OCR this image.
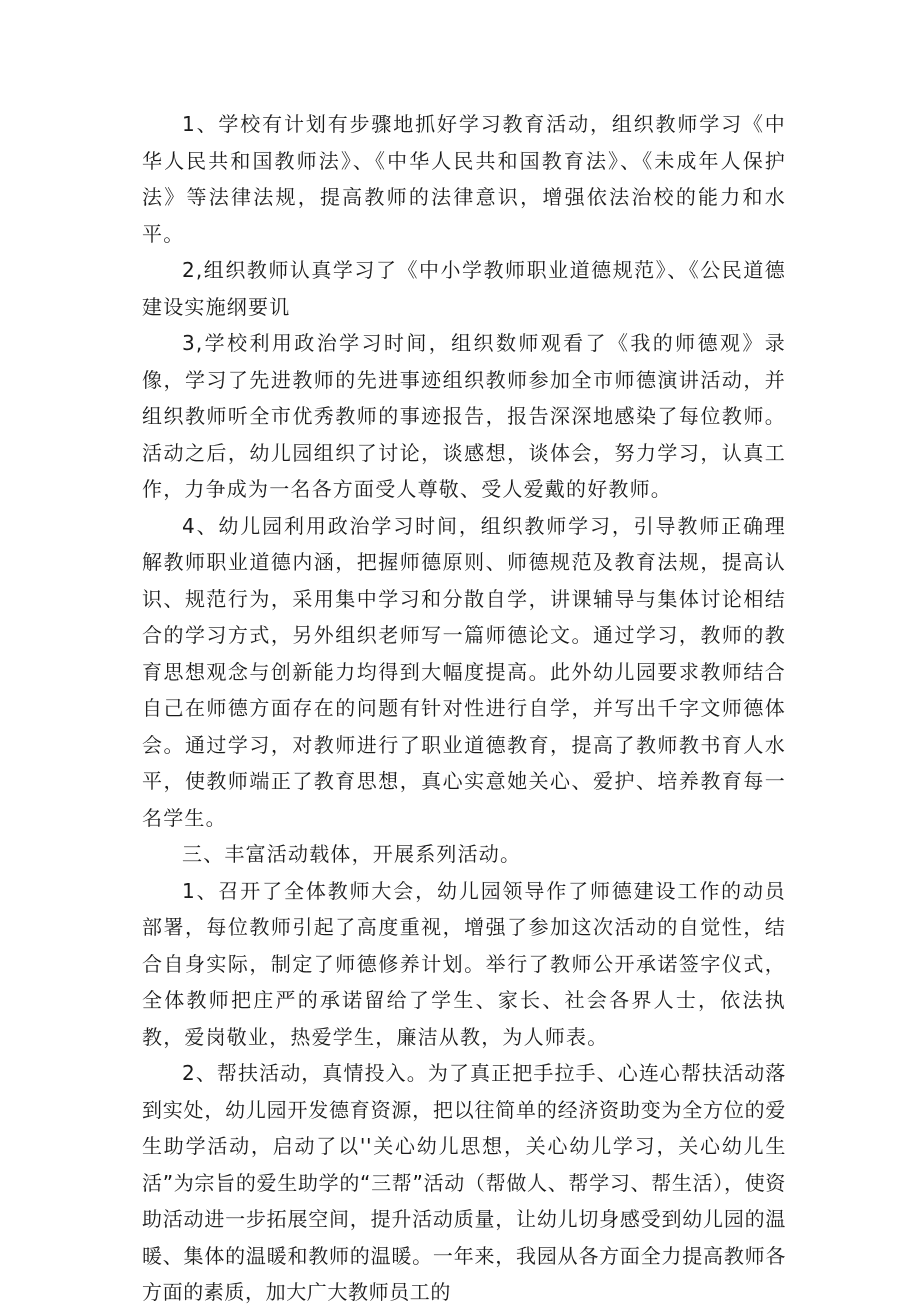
1、学校有计划有步骤地抓好学习教育活动，组织教师学习《中华人民共和国教师法》、《中华人民共和国教育法》、《未成年人保护法》等法律法规，提高教师的法律意识，增强依法治校的能力和水平。

2,组织教师认真学习了《中小学教师职业道德规范》、《公民道德建设实施纲要讥

3,学校利用政治学习时间，组织数师观看了《我的师德观》录像，学习了先进教师的先进事迹组织教师参加全市师德演讲活动，并组织教师听全市优秀教师的事迹报告，报告深深地感染了每位教师。活动之后，幼儿园组织了讨论，谈感想，谈体会，努力学习，认真工作，力争成为一名各方面受人尊敬、受人爱戴的好教师。

4、幼儿园利用政治学习时间，组织教师学习，引导教师正确理解教师职业道德内涵，把握师德原则、师德规范及教育法规，提高认识、规范行为，采用集中学习和分散自学，讲课辅导与集体讨论相结合的学习方式，另外组织老师写一篇师德论文。通过学习，教师的教育思想观念与创新能力均得到大幅度提高。此外幼儿园要求教师结合自己在师德方面存在的问题有针对性进行自学，并写出千字文师德体会。通过学习，对教师进行了职业道德教育，提高了教师教书育人水平，使教师端正了教育思想，真心实意她关心、爱护、培养教育每一名学生。

三、丰富活动载体，开展系列活动。

1、召开了全体教师大会，幼儿园领导作了师德建设工作的动员部署，每位教师引起了高度重视，增强了参加这次活动的自觉性，结合自身实际，制定了师德修养计划。举行了教师公开承诺签字仪式，全体教师把庄严的承诺留给了学生、家长、社会各界人士，依法执教，爱岗敬业，热爱学生，廉洁从教，为人师表。

2、帮扶活动，真情投入。为了真正把手拉手、心连心帮扶活动落到实处，幼儿园开发德育资源，把以往简单的经济资助变为全方位的爱生助学活动，启动了以''关心幼儿思想，关心幼儿学习，关心幼儿生活”为宗旨的爱生助学的“三帮”活动（帮做人、帮学习、帮生活），使资助活动进一步拓展空间，提升活动质量，让幼儿切身感受到幼儿园的温暖、集体的温暖和教师的温暖。一年来，我园从各方面全力提高教师各方面的素质，加大广大教师员工的
